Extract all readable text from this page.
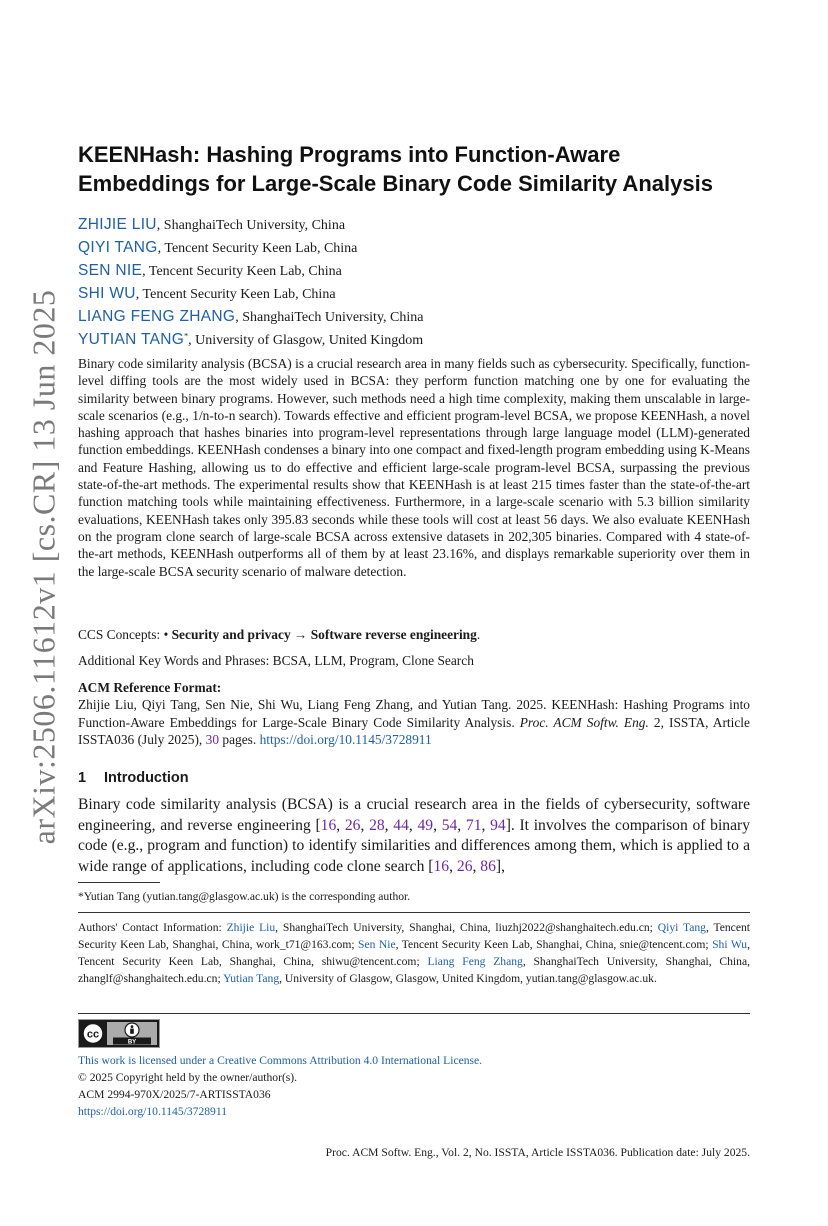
arXiv:2506.11612v1 [cs.CR] 13 Jun 2025
KEENHash: Hashing Programs into Function-Aware
Embeddings for Large-Scale Binary Code Similarity Analysis
ZHIJIE LIU, ShanghaiTech University, China
QIYI TANG, Tencent Security Keen Lab, China
SEN NIE, Tencent Security Keen Lab, China
SHI WU, Tencent Security Keen Lab, China
LIANG FENG ZHANG, ShanghaiTech University, China
YUTIAN TANG*, University of Glasgow, United Kingdom
Binary code similarity analysis (BCSA) is a crucial research area in many fields such as cybersecurity. Specifically, function-level diffing tools are the most widely used in BCSA: they perform function matching one by one for evaluating the similarity between binary programs. However, such methods need a high time complexity, making them unscalable in large-scale scenarios (e.g., 1/n-to-n search). Towards effective and efficient program-level BCSA, we propose KEENHash, a novel hashing approach that hashes binaries into program-level representations through large language model (LLM)-generated function embeddings. KEENHash condenses a binary into one compact and fixed-length program embedding using K-Means and Feature Hashing, allowing us to do effective and efficient large-scale program-level BCSA, surpassing the previous state-of-the-art methods. The experimental results show that KEENHash is at least 215 times faster than the state-of-the-art function matching tools while maintaining effectiveness. Furthermore, in a large-scale scenario with 5.3 billion similarity evaluations, KEENHash takes only 395.83 seconds while these tools will cost at least 56 days. We also evaluate KEENHash on the program clone search of large-scale BCSA across extensive datasets in 202,305 binaries. Compared with 4 state-of-the-art methods, KEENHash outperforms all of them by at least 23.16%, and displays remarkable superiority over them in the large-scale BCSA security scenario of malware detection.
CCS Concepts: • Security and privacy → Software reverse engineering.
Additional Key Words and Phrases: BCSA, LLM, Program, Clone Search
ACM Reference Format:
Zhijie Liu, Qiyi Tang, Sen Nie, Shi Wu, Liang Feng Zhang, and Yutian Tang. 2025. KEENHash: Hashing Programs into Function-Aware Embeddings for Large-Scale Binary Code Similarity Analysis. Proc. ACM Softw. Eng. 2, ISSTA, Article ISSTA036 (July 2025), 30 pages. https://doi.org/10.1145/3728911
1 Introduction
Binary code similarity analysis (BCSA) is a crucial research area in the fields of cybersecurity, software engineering, and reverse engineering [16, 26, 28, 44, 49, 54, 71, 94]. It involves the comparison of binary code (e.g., program and function) to identify similarities and differences among them, which is applied to a wide range of applications, including code clone search [16, 26, 86],
*Yutian Tang (yutian.tang@glasgow.ac.uk) is the corresponding author.
Authors' Contact Information: Zhijie Liu, ShanghaiTech University, Shanghai, China, liuzhj2022@shanghaitech.edu.cn; Qiyi Tang, Tencent Security Keen Lab, Shanghai, China, work_t71@163.com; Sen Nie, Tencent Security Keen Lab, Shanghai, China, snie@tencent.com; Shi Wu, Tencent Security Keen Lab, Shanghai, China, shiwu@tencent.com; Liang Feng Zhang, ShanghaiTech University, Shanghai, China, zhanglf@shanghaitech.edu.cn; Yutian Tang, University of Glasgow, Glasgow, United Kingdom, yutian.tang@glasgow.ac.uk.
cc
BY
This work is licensed under a Creative Commons Attribution 4.0 International License.
© 2025 Copyright held by the owner/author(s).
ACM 2994-970X/2025/7-ARTISSTA036
https://doi.org/10.1145/3728911
Proc. ACM Softw. Eng., Vol. 2, No. ISSTA, Article ISSTA036. Publication date: July 2025.
